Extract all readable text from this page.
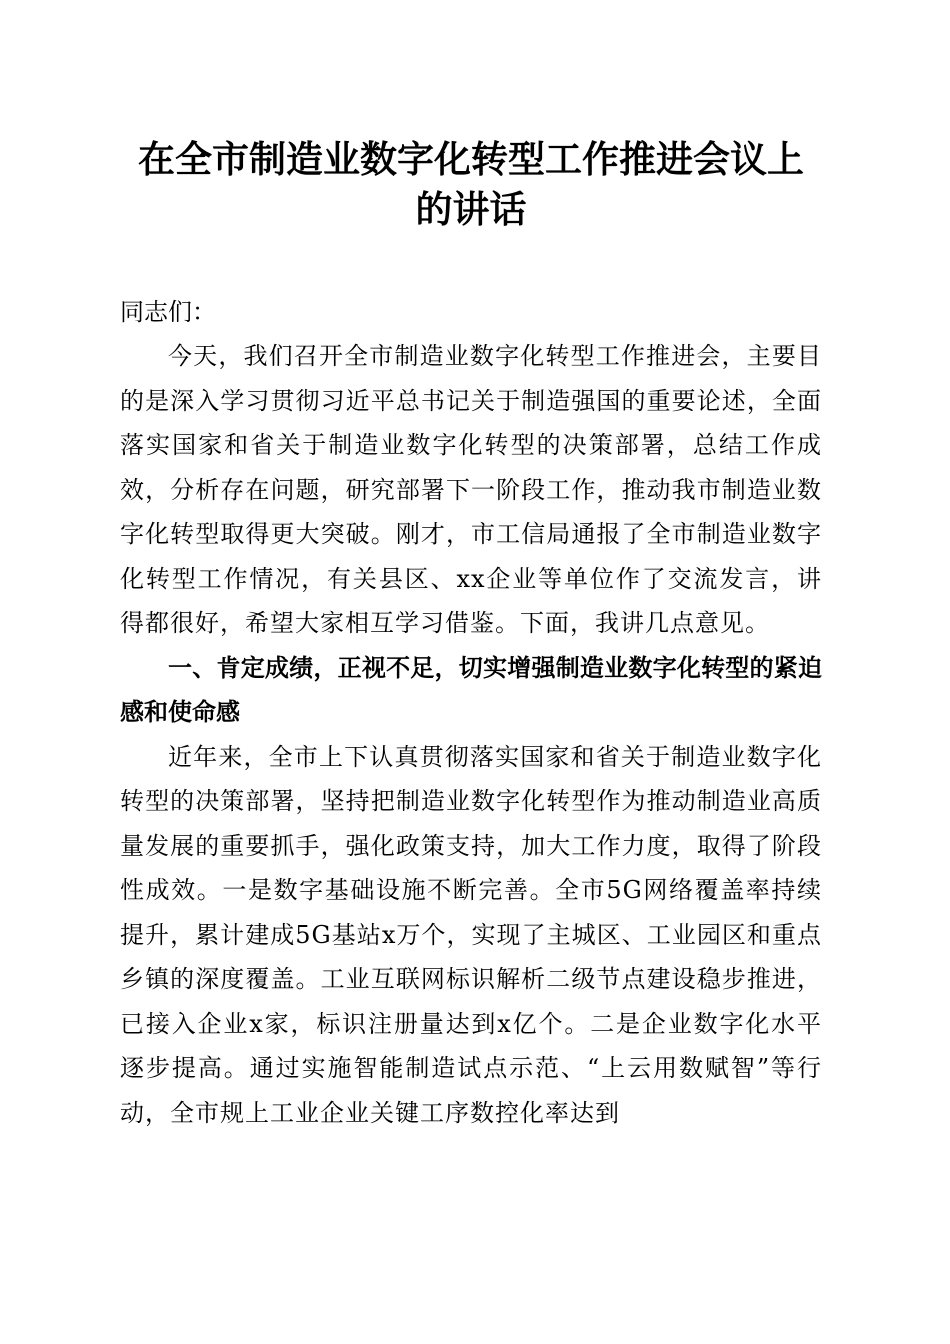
在全市制造业数字化转型工作推进会议上的讲话
同志们：

今天，我们召开全市制造业数字化转型工作推进会，主要目的是深入学习贯彻习近平总书记关于制造强国的重要论述，全面落实国家和省关于制造业数字化转型的决策部署，总结工作成效，分析存在问题，研究部署下一阶段工作，推动我市制造业数字化转型取得更大突破。刚才，市工信局通报了全市制造业数字化转型工作情况，有关县区、xx企业等单位作了交流发言，讲得都很好，希望大家相互学习借鉴。下面，我讲几点意见。

一、肯定成绩，正视不足，切实增强制造业数字化转型的紧迫感和使命感

近年来，全市上下认真贯彻落实国家和省关于制造业数字化转型的决策部署，坚持把制造业数字化转型作为推动制造业高质量发展的重要抓手，强化政策支持，加大工作力度，取得了阶段性成效。一是数字基础设施不断完善。全市5G网络覆盖率持续提升，累计建成5G基站x万个，实现了主城区、工业园区和重点乡镇的深度覆盖。工业互联网标识解析二级节点建设稳步推进，已接入企业x家，标识注册量达到x亿个。二是企业数字化水平逐步提高。通过实施智能制造试点示范、“上云用数赋智”等行动，全市规上工业企业关键工序数控化率达到
